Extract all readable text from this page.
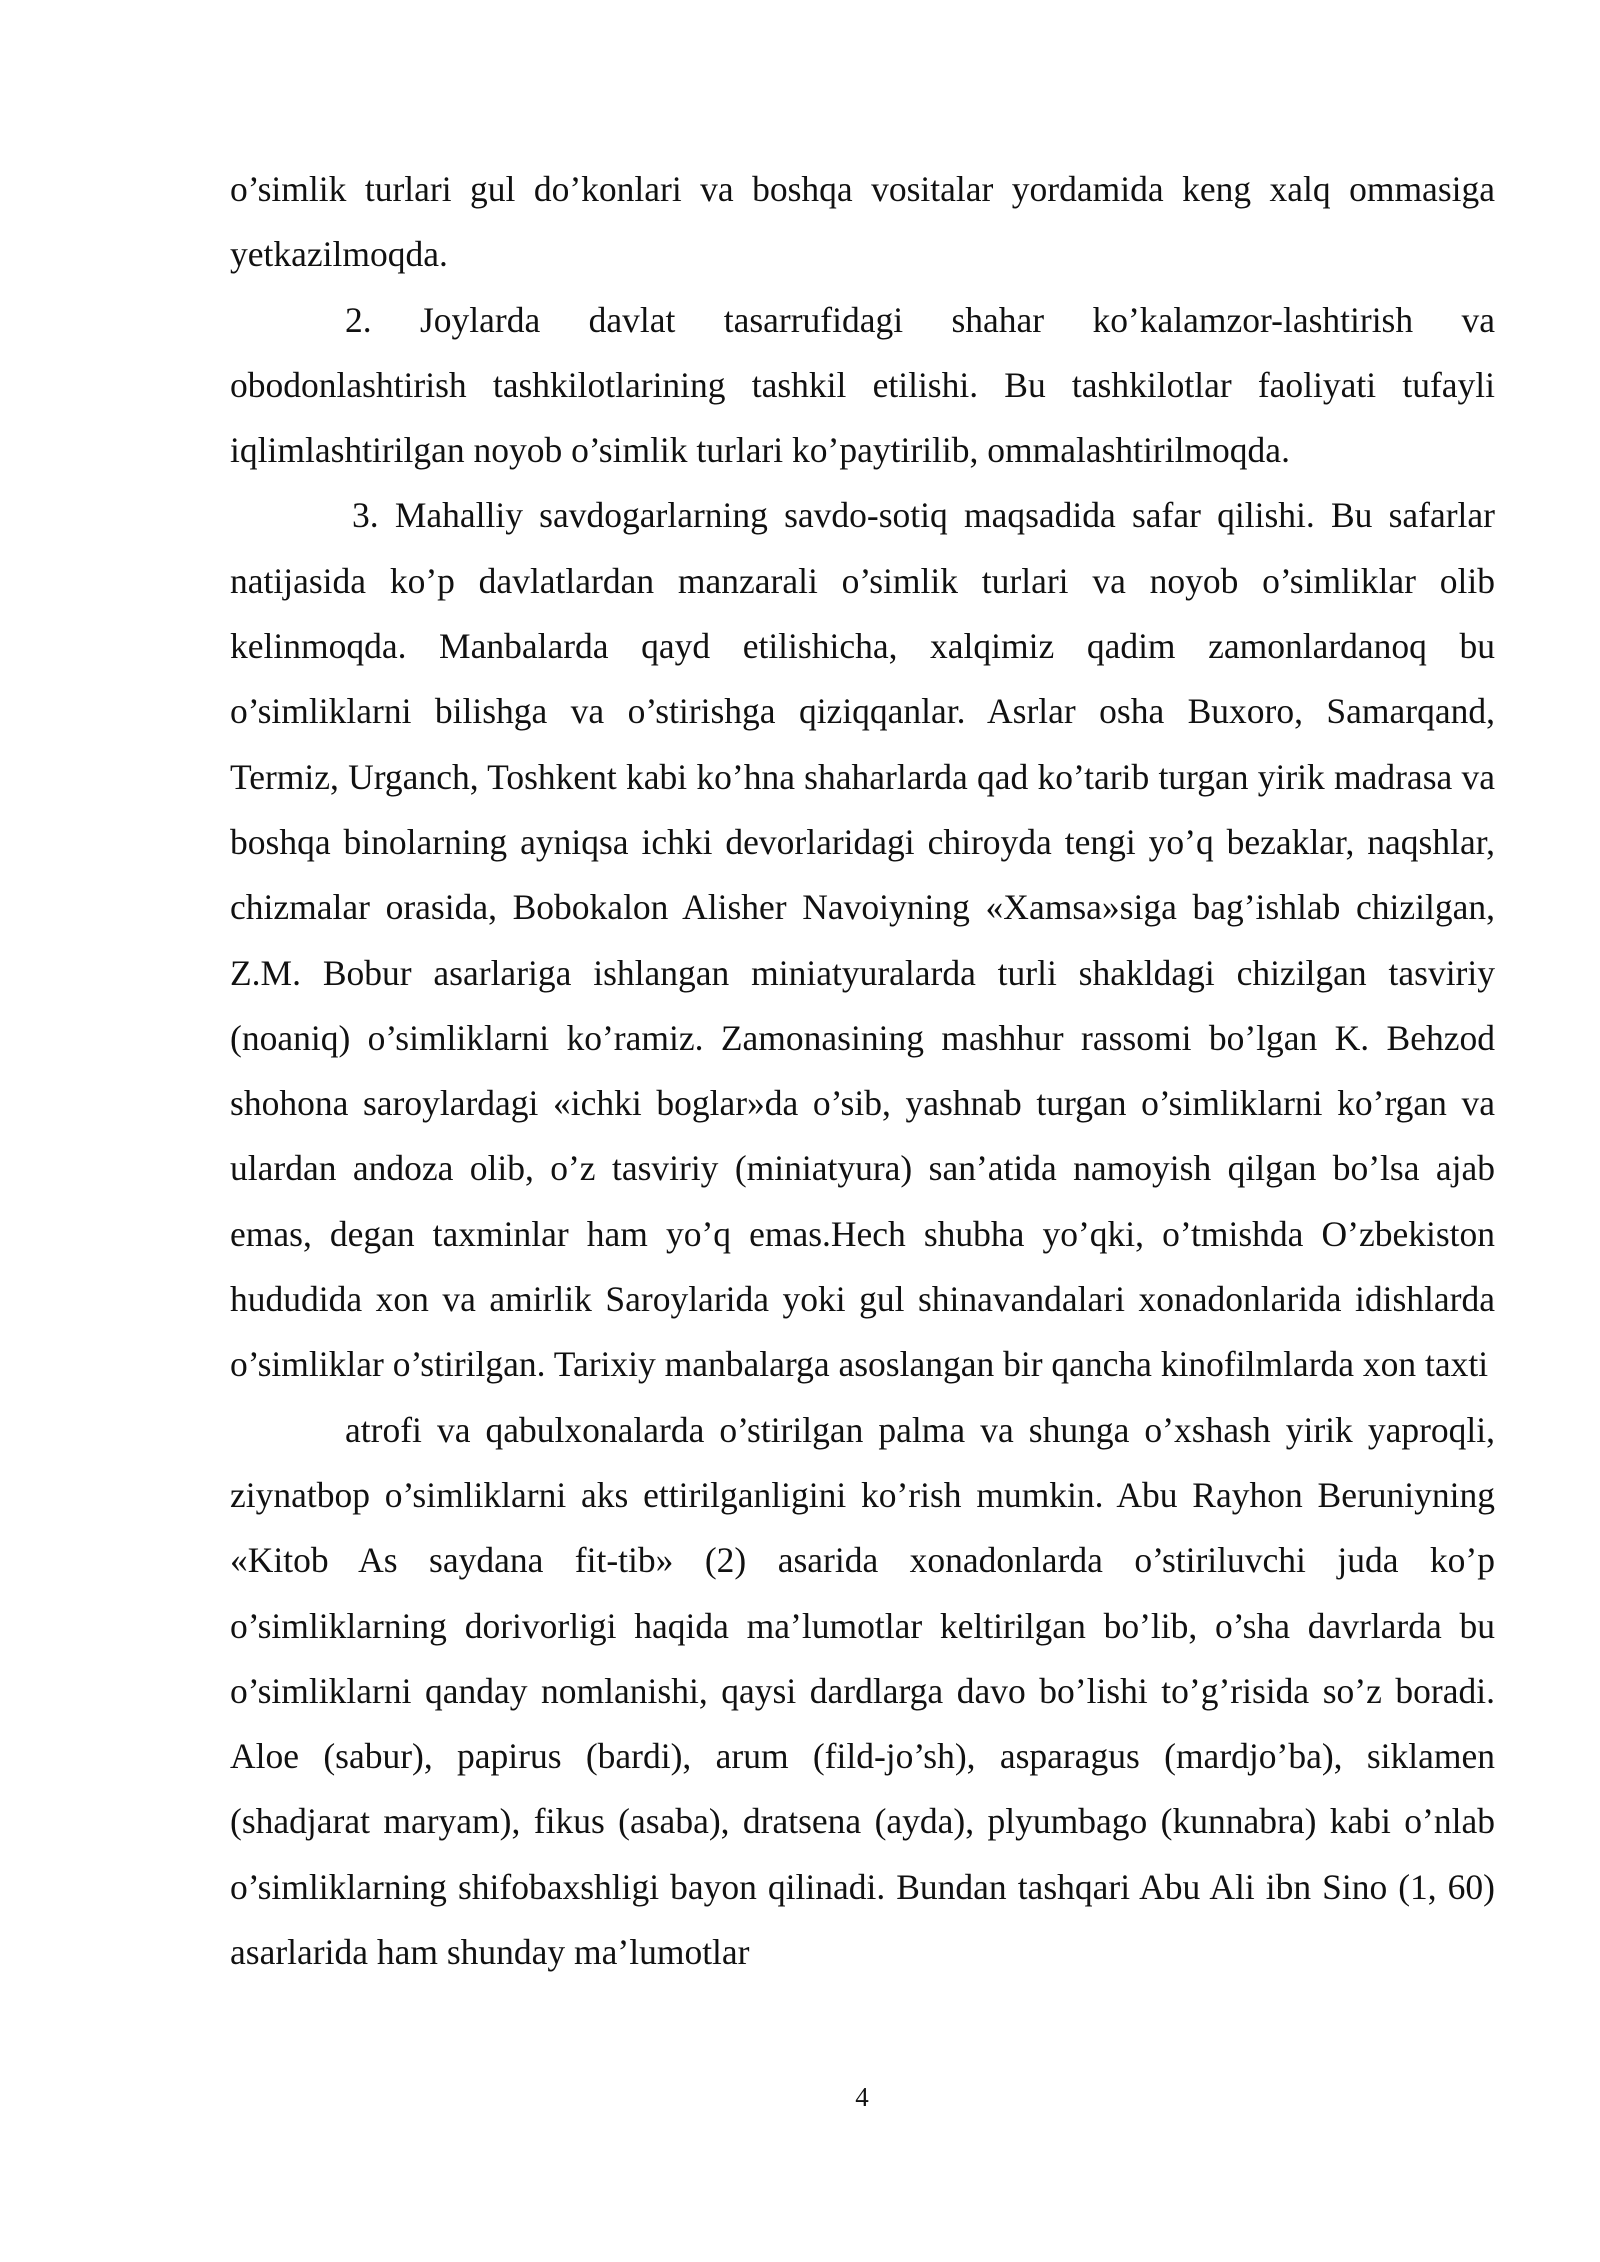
o’simlik turlari gul do’konlari va boshqa vositalar yordamida keng xalq ommasiga yetkazilmoqda.

2. Joylarda davlat tasarrufidagi shahar ko’kalamzor-lashtirish va obodonlashtirish tashkilotlarining tashkil etilishi. Bu tashkilotlar faoliyati tufayli iqlimlashtirilgan noyob o’simlik turlari ko’paytirilib, ommalashtirilmoqda.

3. Mahalliy savdogarlarning savdo-sotiq maqsadida safar qilishi. Bu safarlar natijasida ko’p davlatlardan manzarali o’simlik turlari va noyob o’simliklar olib kelinmoqda. Manbalarda qayd etilishicha, xalqimiz qadim zamonlardanoq bu o’simliklarni bilishga va o’stirishga qiziqqanlar. Asrlar osha Buxoro, Samarqand, Termiz, Urganch, Toshkent kabi ko’hna shaharlarda qad ko’tarib turgan yirik madrasa va boshqa binolarning ayniqsa ichki devorlaridagi chiroyda tengi yo’q bezaklar, naqshlar, chizmalar orasida, Bobokalon Alisher Navoiyning «Xamsa»siga bag’ishlab chizilgan, Z.M. Bobur asarlariga ishlangan miniatyuralarda turli shakldagi chizilgan tasviriy (noaniq) o’simliklarni ko’ramiz. Zamonasining mashhur rassomi bo’lgan K. Behzod shohona saroylardagi «ichki boglar»da o’sib, yashnab turgan o’simliklarni ko’rgan va ulardan andoza olib, o’z tasviriy (miniatyura) san’atida namoyish qilgan bo’lsa ajab emas, degan taxminlar ham yo’q emas.Hech shubha yo’qki, o’tmishda O’zbekiston hududida xon va amirlik Saroylarida yoki gul shinavandalari xonadonlarida idishlarda o’simliklar o’stirilgan. Tarixiy manbalarga asoslangan bir qancha kinofilmlarda xon taxti

atrofi va qabulxonalarda o’stirilgan palma va shunga o’xshash yirik yaproqli, ziynatbop o’simliklarni aks ettirilganligini ko’rish mumkin. Abu Rayhon Beruniyning «Kitob As saydana fit-tib» (2) asarida xonadonlarda o’stiriluvchi juda ko’p o’simliklarning dorivorligi haqida ma’lumotlar keltirilgan bo’lib, o’sha davrlarda bu o’simliklarni qanday nomlanishi, qaysi dardlarga davo bo’lishi to’g’risida so’z boradi. Aloe (sabur), papirus (bardi), arum (fild-jo’sh), asparagus (mardjo’ba), siklamen (shadjarat maryam), fikus (asaba), dratsena (ayda), plyumbago (kunnabra) kabi o’nlab o’simliklarning shifobaxshligi bayon qilinadi. Bundan tashqari Abu Ali ibn Sino (1, 60) asarlarida ham shunday ma’lumotlar

4
